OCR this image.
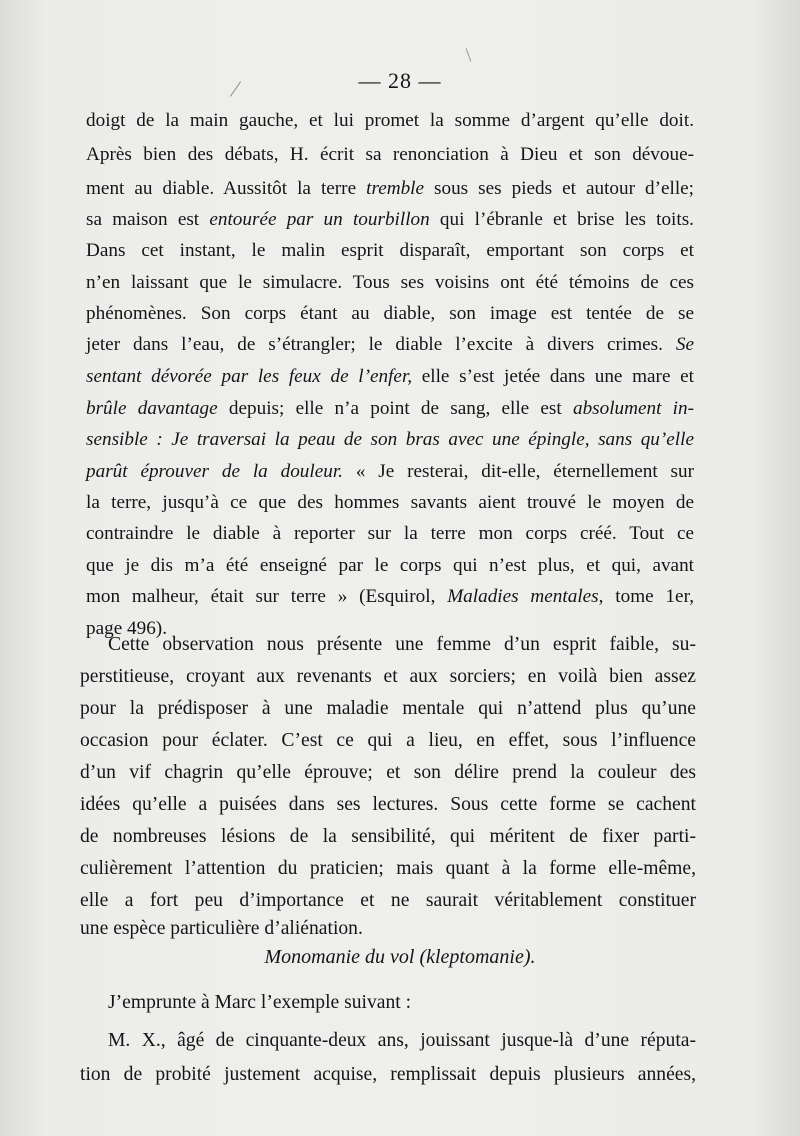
— 28 —
doigt de la main gauche, et lui promet la somme d’argent qu’elle doit.
Après bien des débats, H. écrit sa renonciation à Dieu et son dévoue-
ment au diable. Aussitôt la terre tremble sous ses pieds et autour d’elle;
sa maison est entourée par un tourbillon qui l’ébranle et brise les toits.
Dans cet instant, le malin esprit disparaît, emportant son corps et
n’en laissant que le simulacre. Tous ses voisins ont été témoins de ces
phénomènes. Son corps étant au diable, son image est tentée de se
jeter dans l’eau, de s’étrangler; le diable l’excite à divers crimes. Se
sentant dévorée par les feux de l’enfer, elle s’est jetée dans une mare et
brûle davantage depuis; elle n’a point de sang, elle est absolument in-
sensible : Je traversai la peau de son bras avec une épingle, sans qu’elle
parût éprouver de la douleur. « Je resterai, dit-elle, éternellement sur
la terre, jusqu’à ce que des hommes savants aient trouvé le moyen de
contraindre le diable à reporter sur la terre mon corps créé. Tout ce
que je dis m’a été enseigné par le corps qui n’est plus, et qui, avant
mon malheur, était sur terre » (Esquirol, Maladies mentales, tome 1er,
page 496).
Cette observation nous présente une femme d’un esprit faible, su-
perstitieuse, croyant aux revenants et aux sorciers; en voilà bien assez
pour la prédisposer à une maladie mentale qui n’attend plus qu’une
occasion pour éclater. C’est ce qui a lieu, en effet, sous l’influence
d’un vif chagrin qu’elle éprouve; et son délire prend la couleur des
idées qu’elle a puisées dans ses lectures. Sous cette forme se cachent
de nombreuses lésions de la sensibilité, qui méritent de fixer parti-
culièrement l’attention du praticien; mais quant à la forme elle-même,
elle a fort peu d’importance et ne saurait véritablement constituer
une espèce particulière d’aliénation.
Monomanie du vol (kleptomanie).
J’emprunte à Marc l’exemple suivant :
M. X., âgé de cinquante-deux ans, jouissant jusque-là d’une réputa-
tion de probité justement acquise, remplissait depuis plusieurs années,
